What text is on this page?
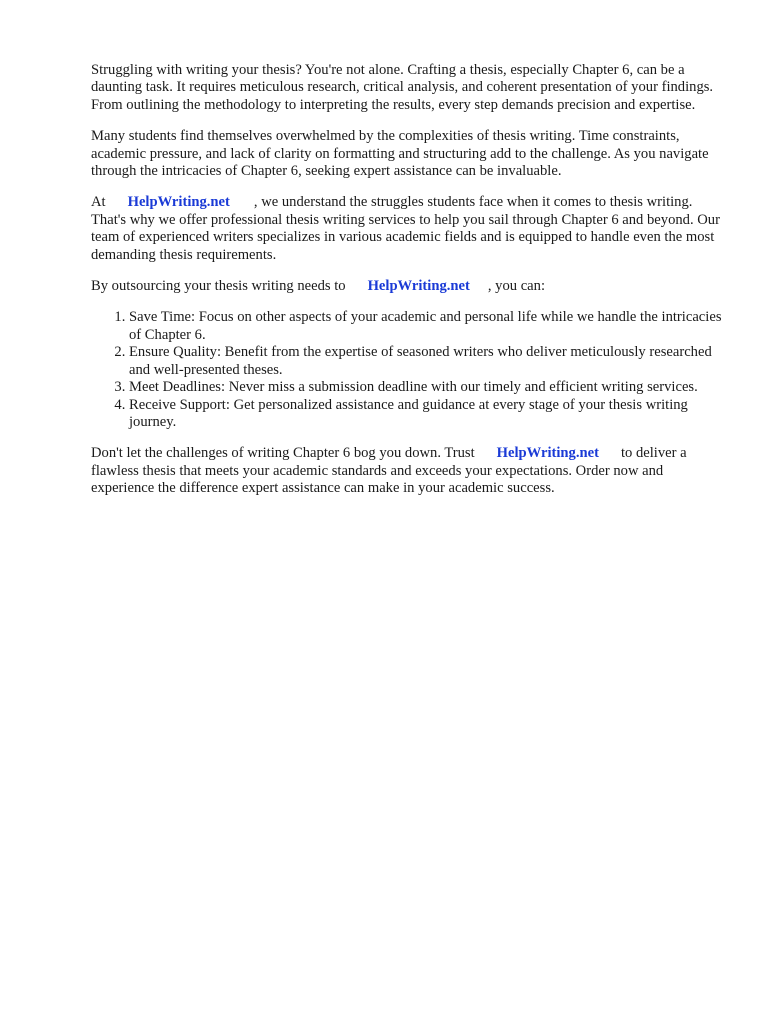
Struggling with writing your thesis? You're not alone. Crafting a thesis, especially Chapter 6, can be a daunting task. It requires meticulous research, critical analysis, and coherent presentation of your findings. From outlining the methodology to interpreting the results, every step demands precision and expertise.

Many students find themselves overwhelmed by the complexities of thesis writing. Time constraints, academic pressure, and lack of clarity on formatting and structuring add to the challenge. As you navigate through the intricacies of Chapter 6, seeking expert assistance can be invaluable.

At HelpWriting.net , we understand the struggles students face when it comes to thesis writing. That's why we offer professional thesis writing services to help you sail through Chapter 6 and beyond. Our team of experienced writers specializes in various academic fields and is equipped to handle even the most demanding thesis requirements.

By outsourcing your thesis writing needs to HelpWriting.net , you can:

1. Save Time: Focus on other aspects of your academic and personal life while we handle the intricacies of Chapter 6.
2. Ensure Quality: Benefit from the expertise of seasoned writers who deliver meticulously researched and well-presented theses.
3. Meet Deadlines: Never miss a submission deadline with our timely and efficient writing services.
4. Receive Support: Get personalized assistance and guidance at every stage of your thesis writing journey.

Don't let the challenges of writing Chapter 6 bog you down. Trust HelpWriting.net to deliver a flawless thesis that meets your academic standards and exceeds your expectations. Order now and experience the difference expert assistance can make in your academic success.
